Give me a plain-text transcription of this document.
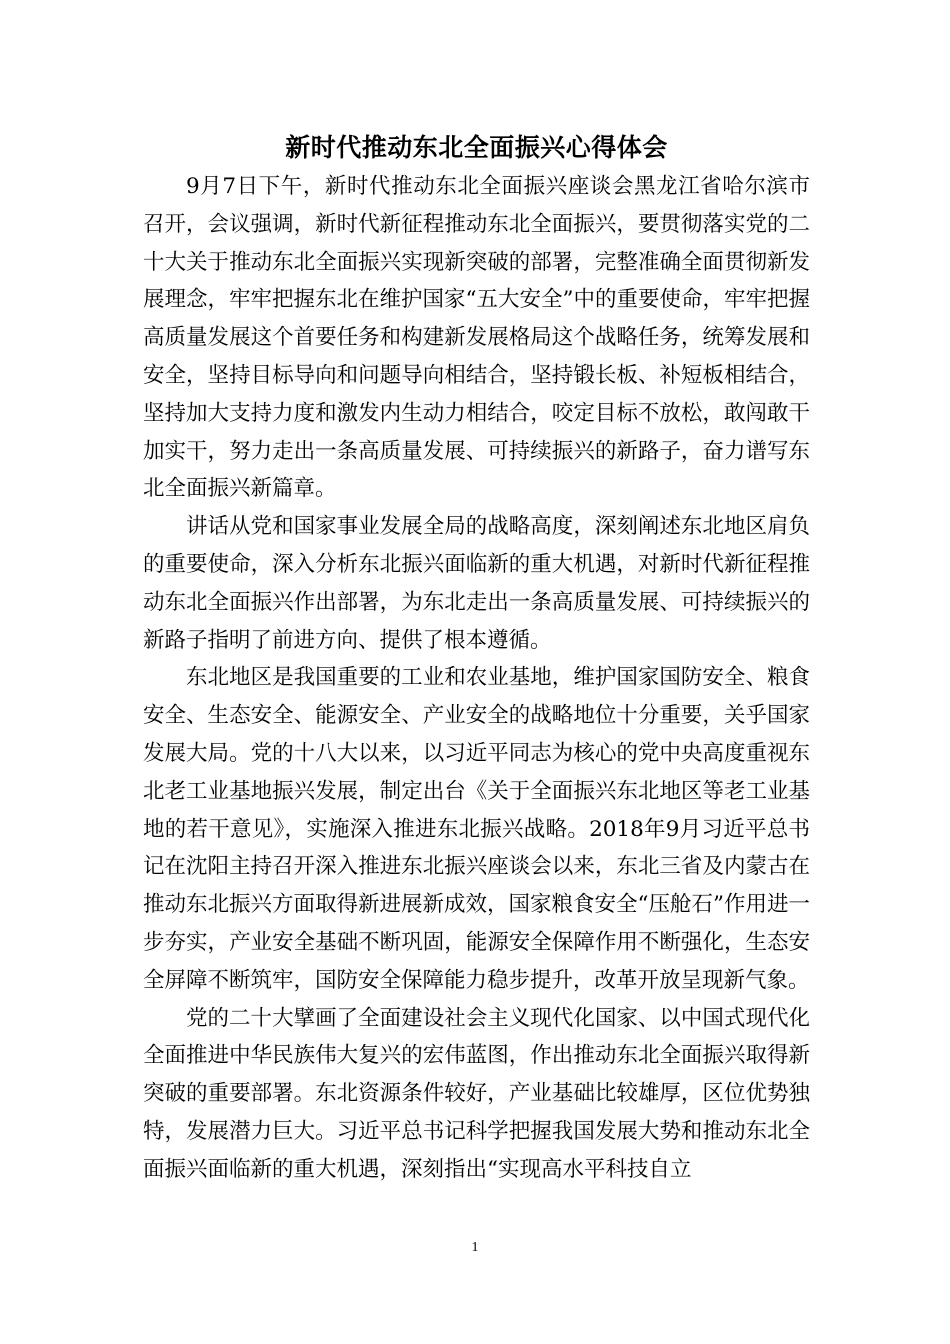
新时代推动东北全面振兴心得体会

9月7日下午，新时代推动东北全面振兴座谈会黑龙江省哈尔滨市召开，会议强调，新时代新征程推动东北全面振兴，要贯彻落实党的二十大关于推动东北全面振兴实现新突破的部署，完整准确全面贯彻新发展理念，牢牢把握东北在维护国家“五大安全”中的重要使命，牢牢把握高质量发展这个首要任务和构建新发展格局这个战略任务，统筹发展和安全，坚持目标导向和问题导向相结合，坚持锻长板、补短板相结合，坚持加大支持力度和激发内生动力相结合，咬定目标不放松，敢闯敢干加实干，努力走出一条高质量发展、可持续振兴的新路子，奋力谱写东北全面振兴新篇章。

讲话从党和国家事业发展全局的战略高度，深刻阐述东北地区肩负的重要使命，深入分析东北振兴面临新的重大机遇，对新时代新征程推动东北全面振兴作出部署，为东北走出一条高质量发展、可持续振兴的新路子指明了前进方向、提供了根本遵循。

东北地区是我国重要的工业和农业基地，维护国家国防安全、粮食安全、生态安全、能源安全、产业安全的战略地位十分重要，关乎国家发展大局。党的十八大以来，以习近平同志为核心的党中央高度重视东北老工业基地振兴发展，制定出台《关于全面振兴东北地区等老工业基地的若干意见》，实施深入推进东北振兴战略。2018年9月习近平总书记在沈阳主持召开深入推进东北振兴座谈会以来，东北三省及内蒙古在推动东北振兴方面取得新进展新成效，国家粮食安全“压舱石”作用进一步夯实，产业安全基础不断巩固，能源安全保障作用不断强化，生态安全屏障不断筑牢，国防安全保障能力稳步提升，改革开放呈现新气象。

党的二十大擘画了全面建设社会主义现代化国家、以中国式现代化全面推进中华民族伟大复兴的宏伟蓝图，作出推动东北全面振兴取得新突破的重要部署。东北资源条件较好，产业基础比较雄厚，区位优势独特，发展潜力巨大。习近平总书记科学把握我国发展大势和推动东北全面振兴面临新的重大机遇，深刻指出“实现高水平科技自立

1
